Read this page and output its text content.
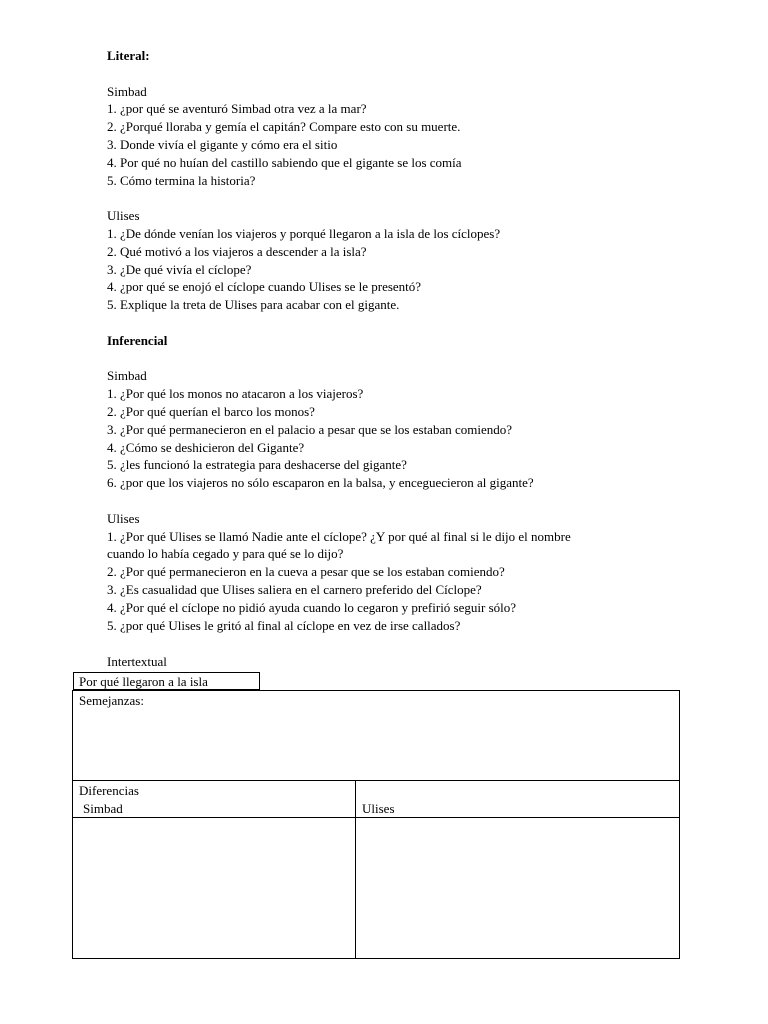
Literal:

Simbad

1. ¿por qué se aventuró Simbad otra vez a la mar?

2. ¿Porqué lloraba y gemía el capitán? Compare esto con su muerte.

3. Donde vivía el gigante y cómo era el sitio

4. Por qué no huían del castillo sabiendo que el gigante se los comía

5. Cómo termina la historia?

Ulises

1. ¿De dónde venían los viajeros y porqué llegaron a la isla de los cíclopes?

2. Qué motivó a los viajeros a descender a la isla?

3. ¿De qué vivía el cíclope?

4. ¿por qué se enojó el cíclope cuando Ulises se le presentó?

5. Explique la treta de Ulises para acabar con el gigante.

Inferencial

Simbad

1. ¿Por qué los monos no atacaron a los viajeros?

2. ¿Por qué querían el barco los monos?

3. ¿Por qué permanecieron en el palacio a pesar que se los estaban comiendo?

4. ¿Cómo se deshicieron del Gigante?

5. ¿les funcionó la estrategia para deshacerse del gigante?

6. ¿por que los viajeros no sólo escaparon en la balsa, y enceguecieron al gigante?

Ulises

1. ¿Por qué Ulises se llamó Nadie ante el cíclope? ¿Y por qué al final si le dijo el nombre

cuando lo había cegado y para qué se lo dijo?

2. ¿Por qué permanecieron en la cueva a pesar que se los estaban comiendo?

3. ¿Es casualidad que Ulises saliera en el carnero preferido del Cíclope?

4. ¿Por qué el cíclope no pidió ayuda cuando lo cegaron y prefirió seguir sólo?

5. ¿por qué Ulises le gritó al final al cíclope en vez de irse callados?

Intertextual
Por qué llegaron a la isla
Semejanzas:
Diferencias
Simbad	Ulises
